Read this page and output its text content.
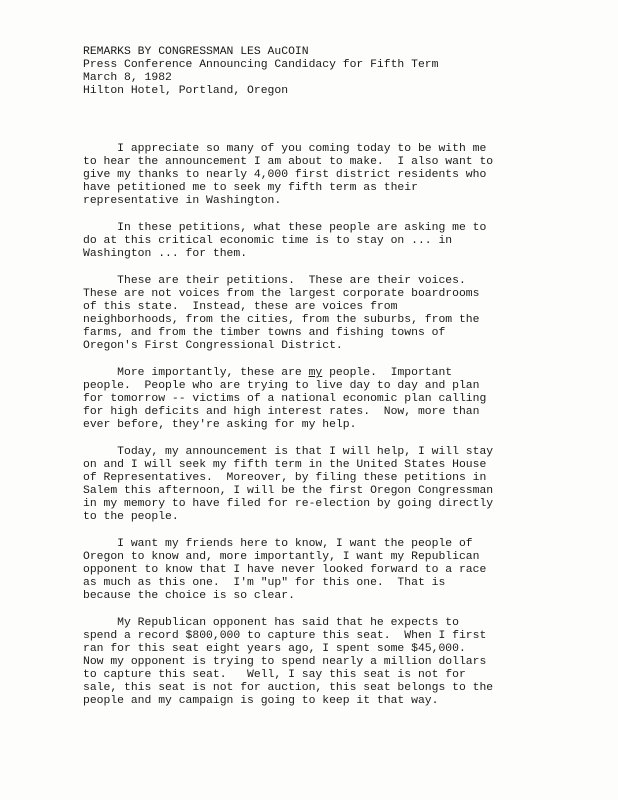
REMARKS BY CONGRESSMAN LES AuCOIN
Press Conference Announcing Candidacy for Fifth Term
March 8, 1982
Hilton Hotel, Portland, Oregon
I appreciate so many of you coming today to be with me
to hear the announcement I am about to make.  I also want to
give my thanks to nearly 4,000 first district residents who
have petitioned me to seek my fifth term as their
representative in Washington.
In these petitions, what these people are asking me to
do at this critical economic time is to stay on ... in
Washington ... for them.
These are their petitions.  These are their voices.
These are not voices from the largest corporate boardrooms
of this state.  Instead, these are voices from
neighborhoods, from the cities, from the suburbs, from the
farms, and from the timber towns and fishing towns of
Oregon's First Congressional District.
More importantly, these are my people.  Important
people.  People who are trying to live day to day and plan
for tomorrow -- victims of a national economic plan calling
for high deficits and high interest rates.  Now, more than
ever before, they're asking for my help.
Today, my announcement is that I will help, I will stay
on and I will seek my fifth term in the United States House
of Representatives.  Moreover, by filing these petitions in
Salem this afternoon, I will be the first Oregon Congressman
in my memory to have filed for re-election by going directly
to the people.
I want my friends here to know, I want the people of
Oregon to know and, more importantly, I want my Republican
opponent to know that I have never looked forward to a race
as much as this one.  I'm "up" for this one.  That is
because the choice is so clear.
My Republican opponent has said that he expects to
spend a record $800,000 to capture this seat.  When I first
ran for this seat eight years ago, I spent some $45,000.
Now my opponent is trying to spend nearly a million dollars
to capture this seat.   Well, I say this seat is not for
sale, this seat is not for auction, this seat belongs to the
people and my campaign is going to keep it that way.
